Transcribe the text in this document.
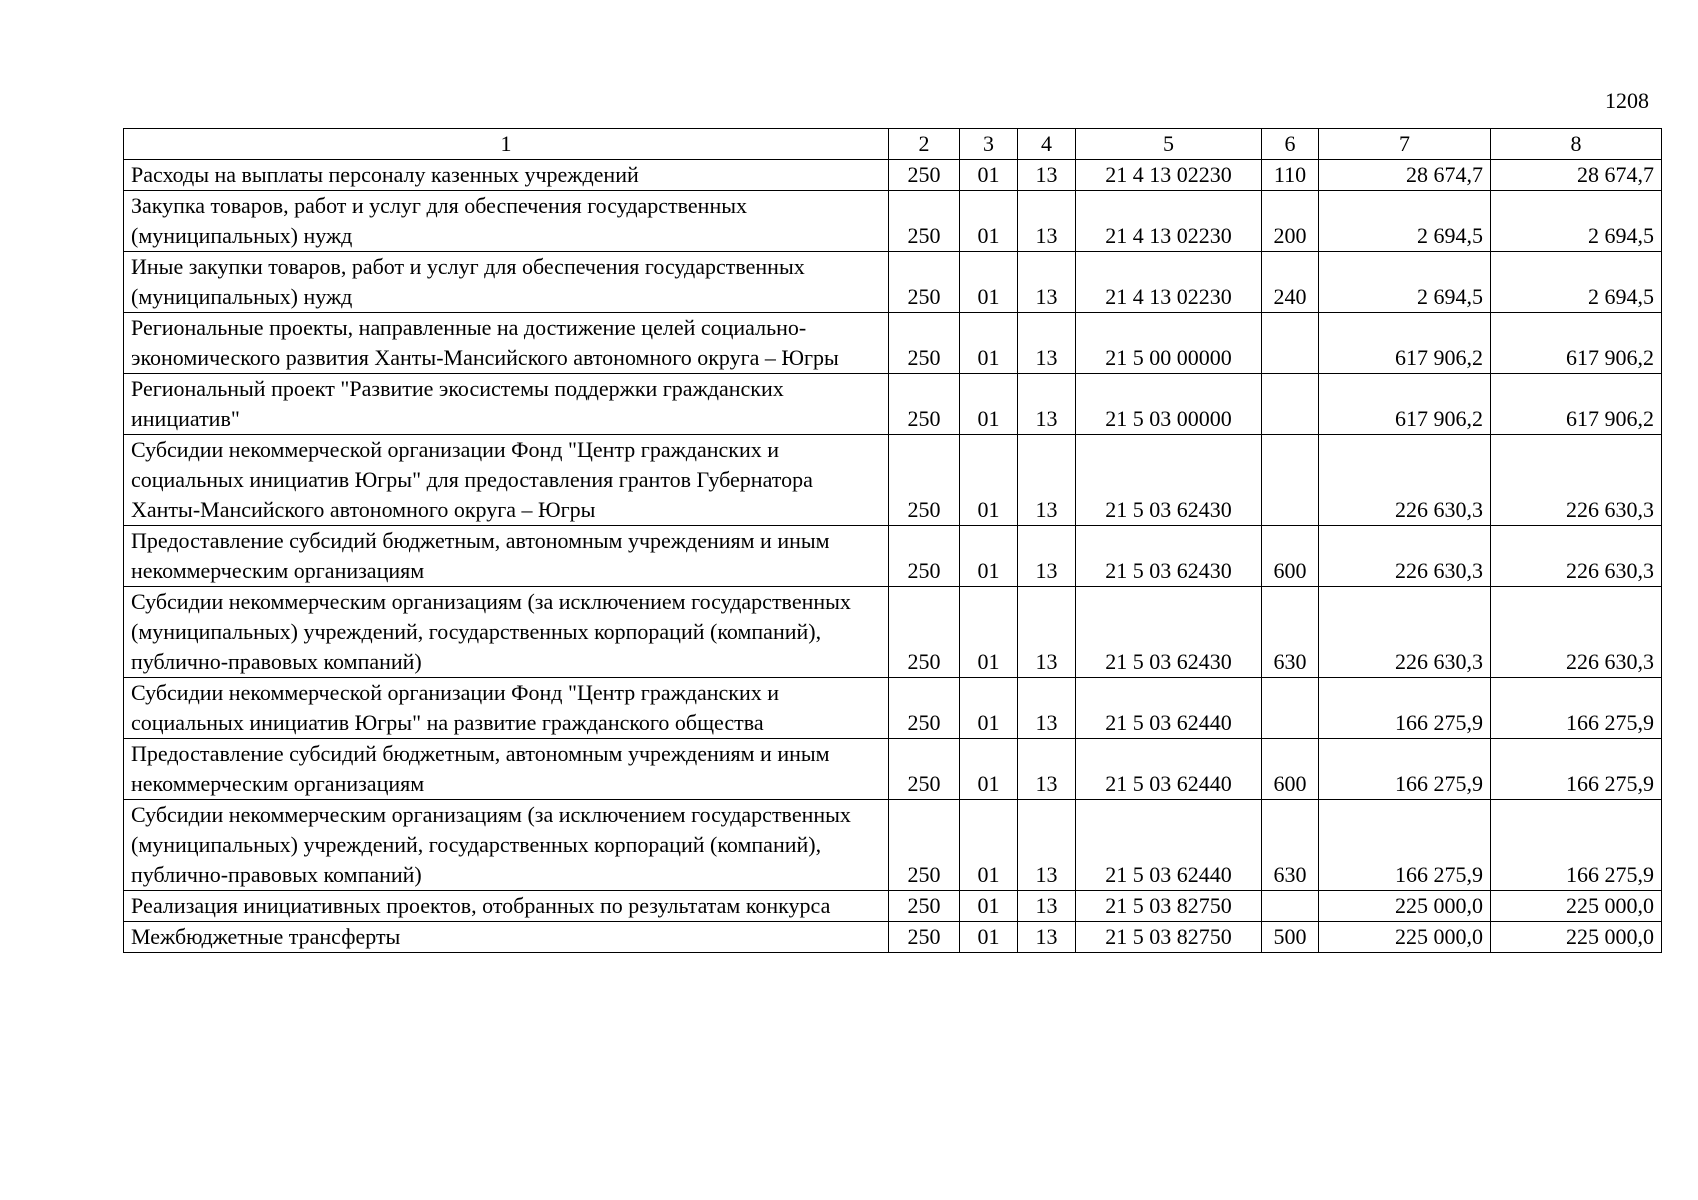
1208
1	2	3	4	5	6	7	8
Расходы на выплаты персоналу казенных учреждений	250	01	13	21 4 13 02230	110	28 674,7	28 674,7
Закупка товаров, работ и услуг для обеспечения государственных (муниципальных) нужд	250	01	13	21 4 13 02230	200	2 694,5	2 694,5
Иные закупки товаров, работ и услуг для обеспечения государственных (муниципальных) нужд	250	01	13	21 4 13 02230	240	2 694,5	2 694,5
Региональные проекты, направленные на достижение целей социально-экономического развития Ханты-Мансийского автономного округа – Югры	250	01	13	21 5 00 00000		617 906,2	617 906,2
Региональный проект "Развитие экосистемы поддержки гражданских инициатив"	250	01	13	21 5 03 00000		617 906,2	617 906,2
Субсидии некоммерческой организации Фонд "Центр гражданских и социальных инициатив Югры" для предоставления грантов Губернатора Ханты-Мансийского автономного округа – Югры	250	01	13	21 5 03 62430		226 630,3	226 630,3
Предоставление субсидий бюджетным, автономным учреждениям и иным некоммерческим организациям	250	01	13	21 5 03 62430	600	226 630,3	226 630,3
Субсидии некоммерческим организациям (за исключением государственных (муниципальных) учреждений, государственных корпораций (компаний), публично-правовых компаний)	250	01	13	21 5 03 62430	630	226 630,3	226 630,3
Субсидии некоммерческой организации Фонд "Центр гражданских и социальных инициатив Югры" на развитие гражданского общества	250	01	13	21 5 03 62440		166 275,9	166 275,9
Предоставление субсидий бюджетным, автономным учреждениям и иным некоммерческим организациям	250	01	13	21 5 03 62440	600	166 275,9	166 275,9
Субсидии некоммерческим организациям (за исключением государственных (муниципальных) учреждений, государственных корпораций (компаний), публично-правовых компаний)	250	01	13	21 5 03 62440	630	166 275,9	166 275,9
Реализация инициативных проектов, отобранных по результатам конкурса	250	01	13	21 5 03 82750		225 000,0	225 000,0
Межбюджетные трансферты	250	01	13	21 5 03 82750	500	225 000,0	225 000,0
